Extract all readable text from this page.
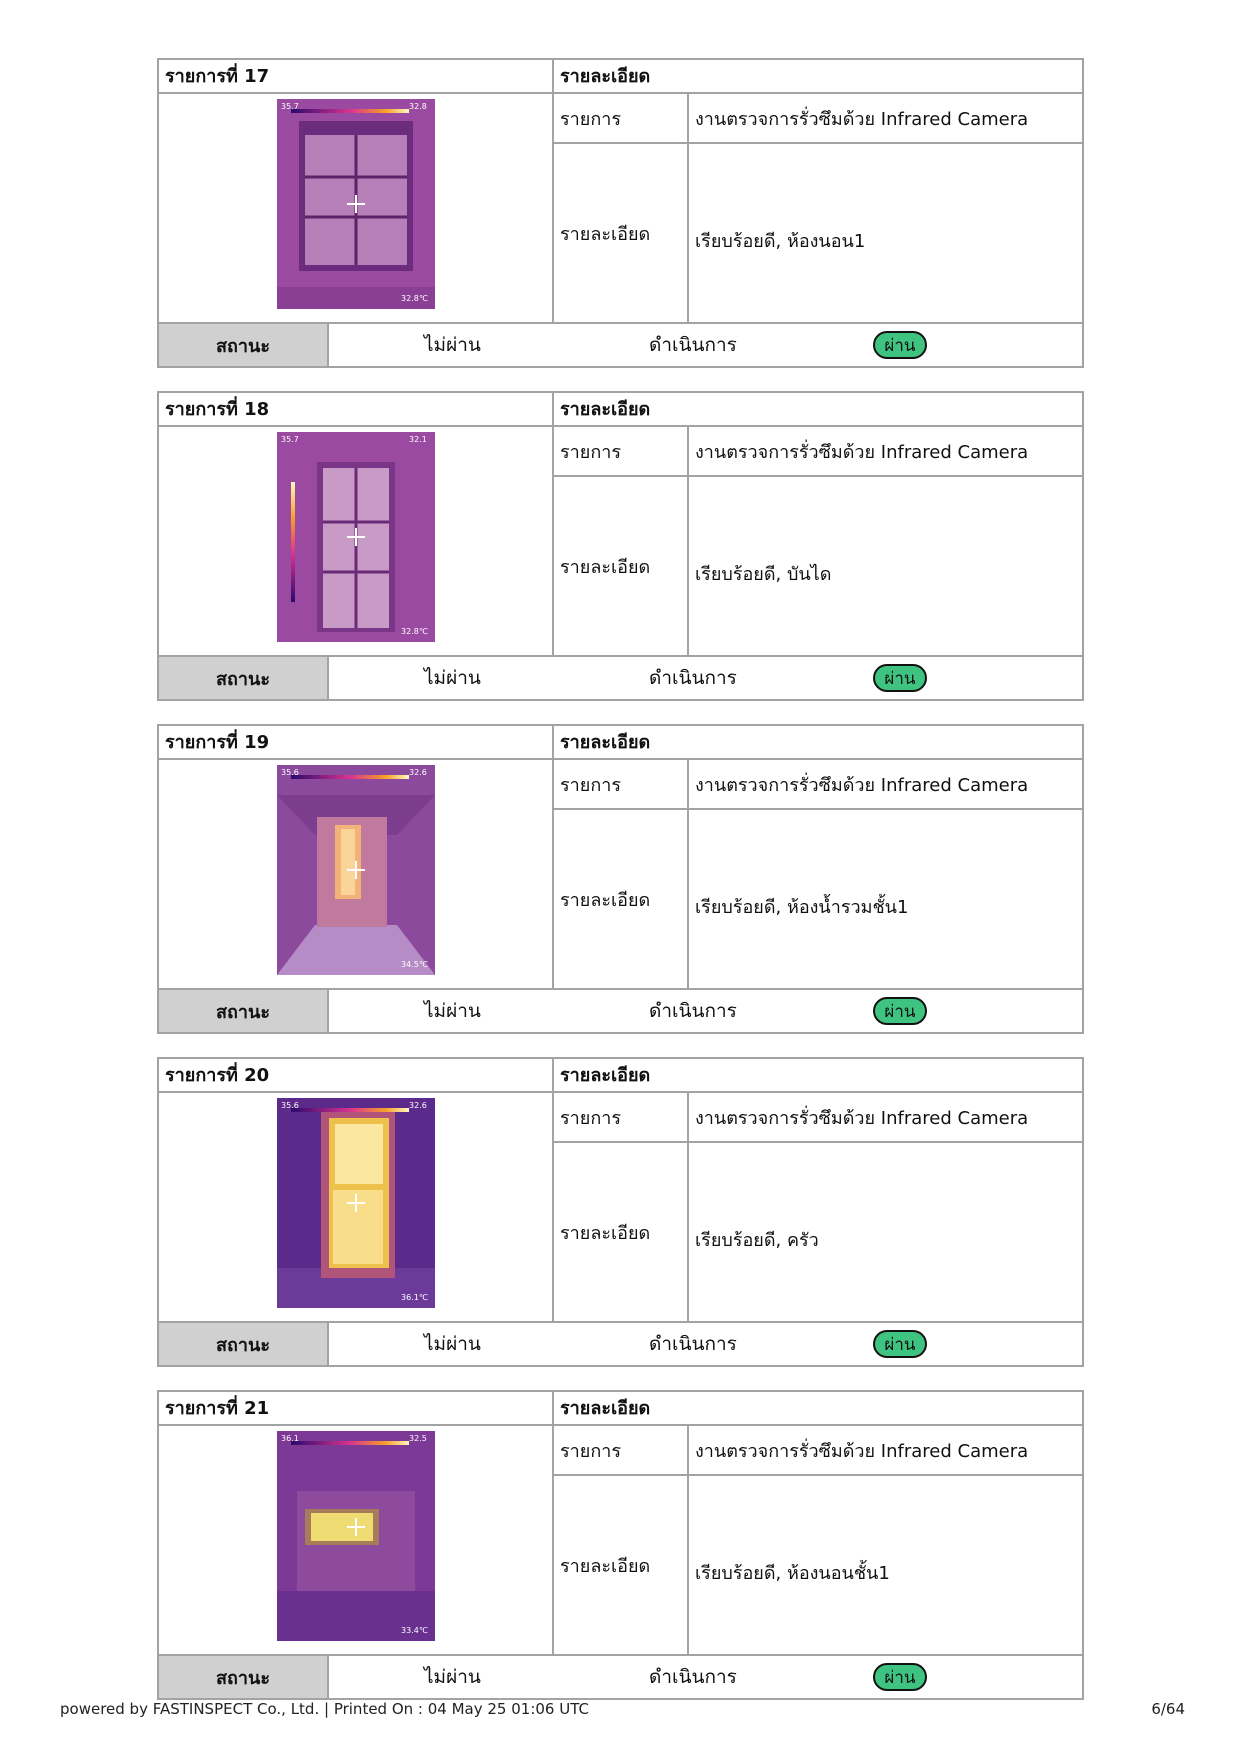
รายการที่ 17	รายละเอียด
35.7	32.8
32.8℃
รายการ	งานตรวจการรั่วซึมด้วย Infrared Camera
รายละเอียด	เรียบร้อยดี, ห้องนอน1
สถานะ	ไม่ผ่าน	ดำเนินการ	ผ่าน
รายการที่ 18	รายละเอียด
35.7	32.1
32.8℃
รายการ	งานตรวจการรั่วซึมด้วย Infrared Camera
รายละเอียด	เรียบร้อยดี, บันได
สถานะ	ไม่ผ่าน	ดำเนินการ	ผ่าน
รายการที่ 19	รายละเอียด
35.6	32.6
34.5℃
รายการ	งานตรวจการรั่วซึมด้วย Infrared Camera
รายละเอียด	เรียบร้อยดี, ห้องน้ำรวมชั้น1
สถานะ	ไม่ผ่าน	ดำเนินการ	ผ่าน
รายการที่ 20	รายละเอียด
35.6	32.6
36.1℃
รายการ	งานตรวจการรั่วซึมด้วย Infrared Camera
รายละเอียด	เรียบร้อยดี, ครัว
สถานะ	ไม่ผ่าน	ดำเนินการ	ผ่าน
รายการที่ 21	รายละเอียด
36.1	32.5
33.4℃
รายการ	งานตรวจการรั่วซึมด้วย Infrared Camera
รายละเอียด	เรียบร้อยดี, ห้องนอนชั้น1
สถานะ	ไม่ผ่าน	ดำเนินการ	ผ่าน
powered by FASTINSPECT Co., Ltd. | Printed On : 04 May 25 01:06 UTC	6/64
